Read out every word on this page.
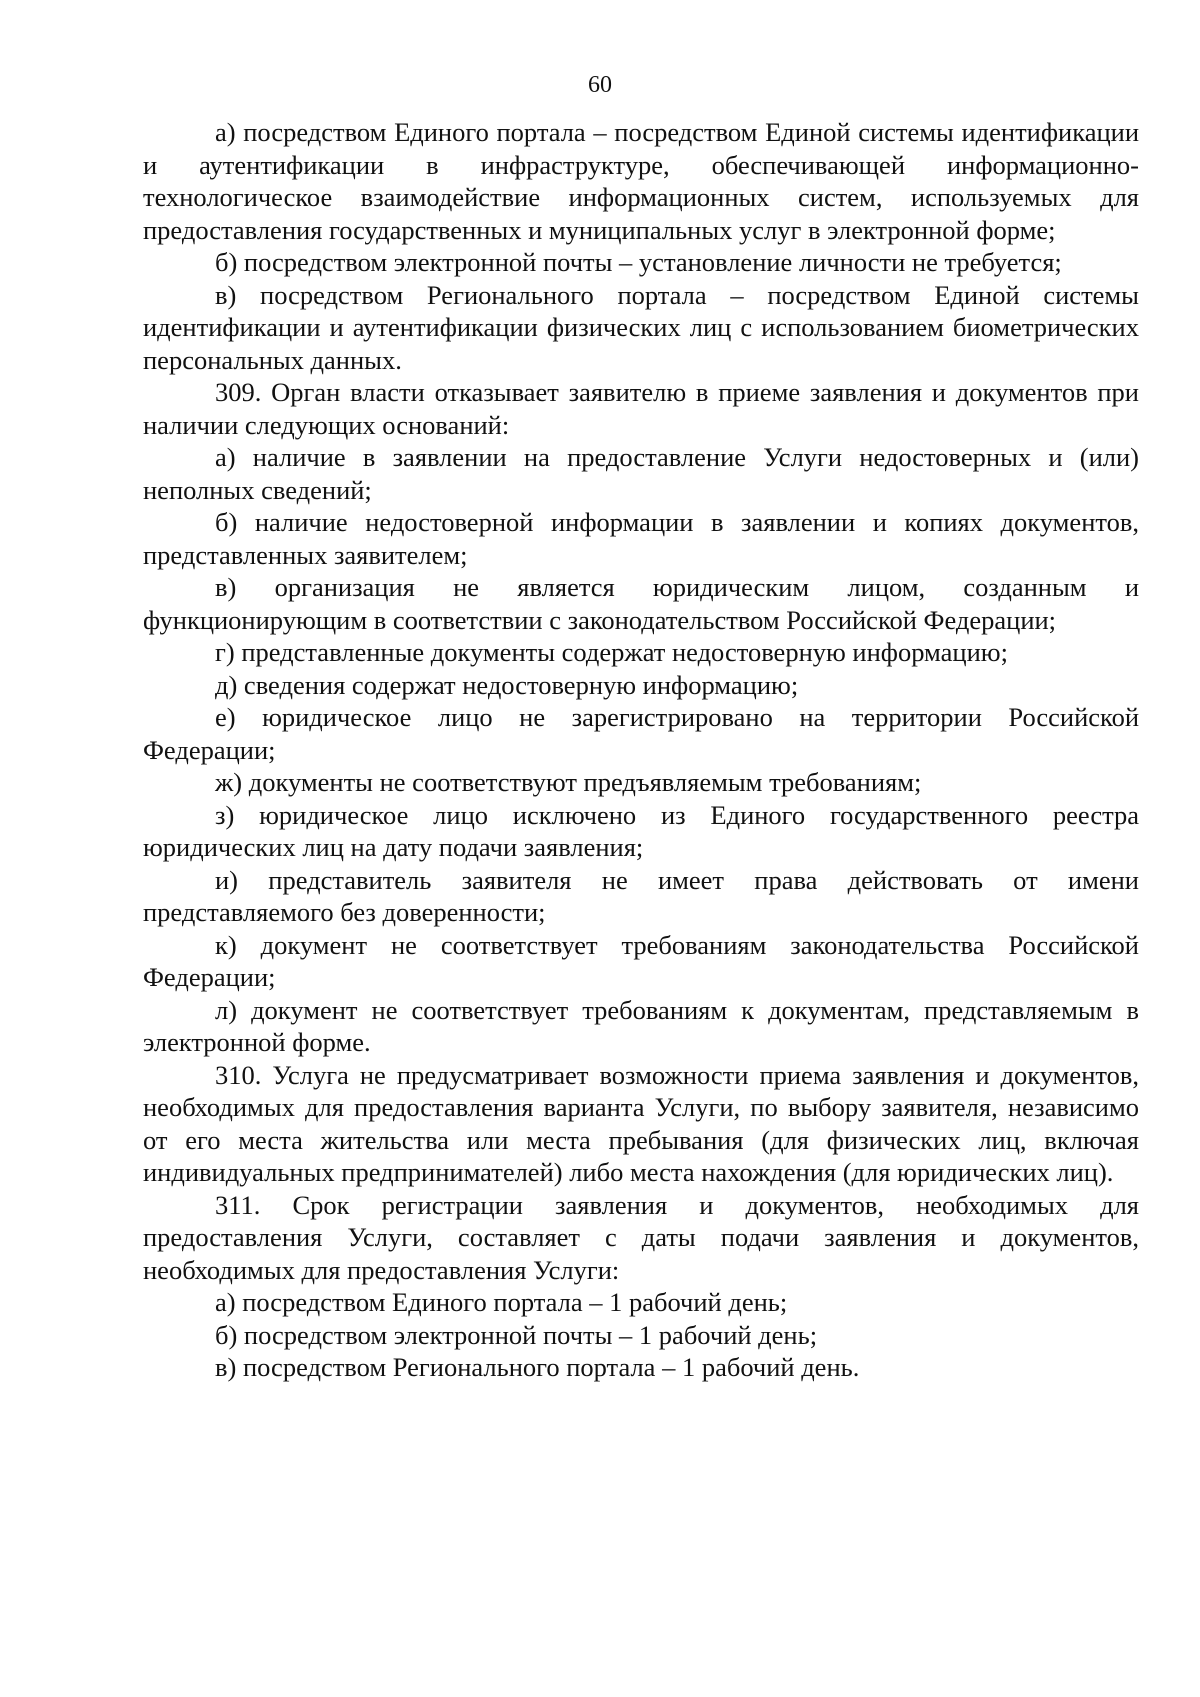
60

а) посредством Единого портала – посредством Единой системы идентификации и аутентификации в инфраструктуре, обеспечивающей информационно-технологическое взаимодействие информационных систем, используемых для предоставления государственных и муниципальных услуг в электронной форме;

б) посредством электронной почты – установление личности не требуется;

в) посредством Регионального портала – посредством Единой системы идентификации и аутентификации физических лиц с использованием биометрических персональных данных.

309. Орган власти отказывает заявителю в приеме заявления и документов при наличии следующих оснований:

а) наличие в заявлении на предоставление Услуги недостоверных и (или) неполных сведений;

б) наличие недостоверной информации в заявлении и копиях документов, представленных заявителем;

в) организация не является юридическим лицом, созданным и функционирующим в соответствии с законодательством Российской Федерации;

г) представленные документы содержат недостоверную информацию;

д) сведения содержат недостоверную информацию;

е) юридическое лицо не зарегистрировано на территории Российской Федерации;

ж) документы не соответствуют предъявляемым требованиям;

з) юридическое лицо исключено из Единого государственного реестра юридических лиц на дату подачи заявления;

и) представитель заявителя не имеет права действовать от имени представляемого без доверенности;

к) документ не соответствует требованиям законодательства Российской Федерации;

л) документ не соответствует требованиям к документам, представляемым в электронной форме.

310. Услуга не предусматривает возможности приема заявления и документов, необходимых для предоставления варианта Услуги, по выбору заявителя, независимо от его места жительства или места пребывания (для физических лиц, включая индивидуальных предпринимателей) либо места нахождения (для юридических лиц).

311. Срок регистрации заявления и документов, необходимых для предоставления Услуги, составляет с даты подачи заявления и документов, необходимых для предоставления Услуги:

а) посредством Единого портала – 1 рабочий день;

б) посредством электронной почты – 1 рабочий день;

в) посредством Регионального портала – 1 рабочий день.
